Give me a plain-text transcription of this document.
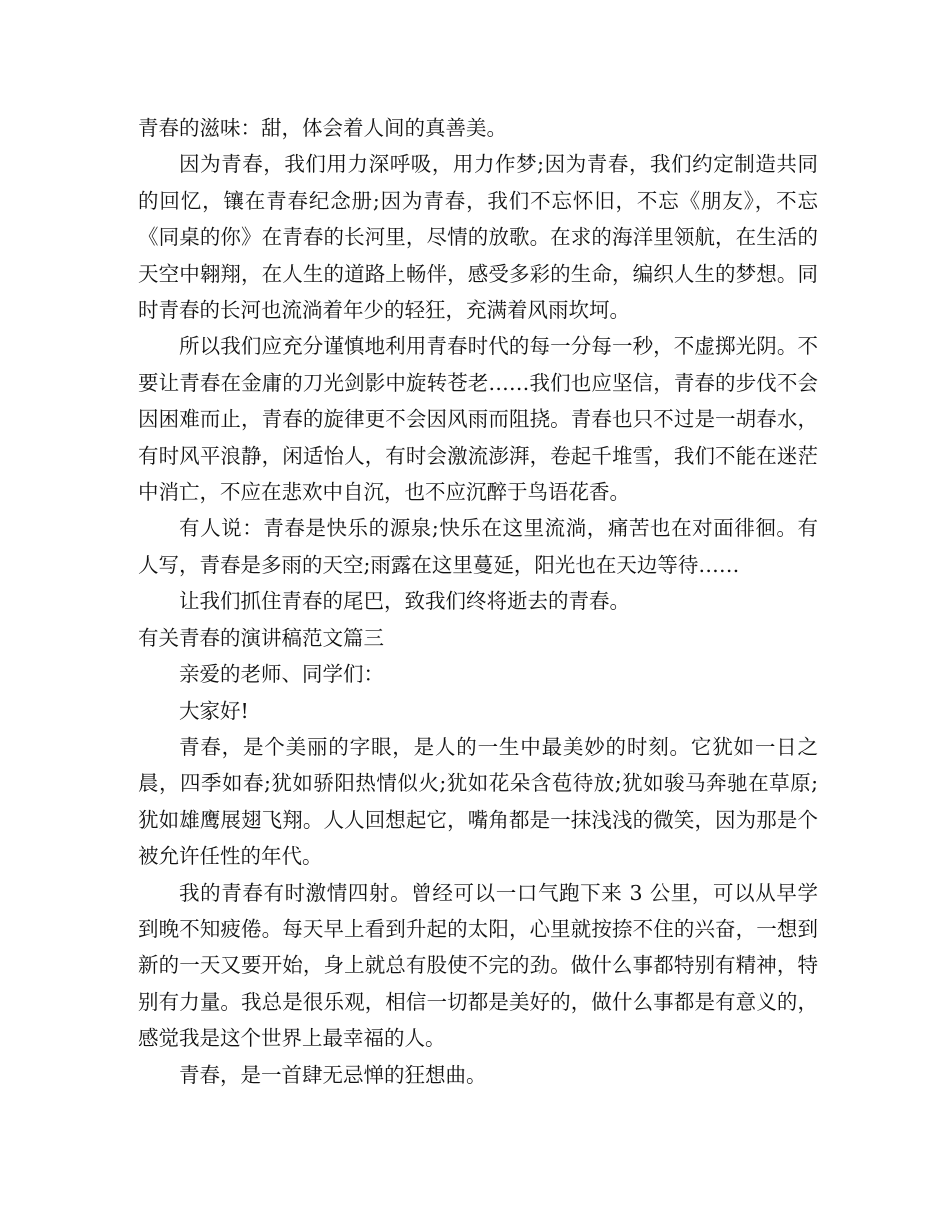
青春的滋味：甜，体会着人间的真善美。

因为青春，我们用力深呼吸，用力作梦;因为青春，我们约定制造共同的回忆，镶在青春纪念册;因为青春，我们不忘怀旧，不忘《朋友》，不忘《同桌的你》在青春的长河里，尽情的放歌。在求的海洋里领航，在生活的天空中翱翔，在人生的道路上畅伴，感受多彩的生命，编织人生的梦想。同时青春的长河也流淌着年少的轻狂，充满着风雨坎坷。

所以我们应充分谨慎地利用青春时代的每一分每一秒，不虚掷光阴。不要让青春在金庸的刀光剑影中旋转苍老……我们也应坚信，青春的步伐不会因困难而止，青春的旋律更不会因风雨而阻挠。青春也只不过是一胡春水，有时风平浪静，闲适怡人，有时会激流澎湃，卷起千堆雪，我们不能在迷茫中消亡，不应在悲欢中自沉，也不应沉醉于鸟语花香。

有人说：青春是快乐的源泉;快乐在这里流淌，痛苦也在对面徘徊。有人写，青春是多雨的天空;雨露在这里蔓延，阳光也在天边等待……

让我们抓住青春的尾巴，致我们终将逝去的青春。

有关青春的演讲稿范文篇三

亲爱的老师、同学们：

大家好!

青春，是个美丽的字眼，是人的一生中最美妙的时刻。它犹如一日之晨，四季如春;犹如骄阳热情似火;犹如花朵含苞待放;犹如骏马奔驰在草原;犹如雄鹰展翅飞翔。人人回想起它，嘴角都是一抹浅浅的微笑，因为那是个被允许任性的年代。

我的青春有时激情四射。曾经可以一口气跑下来 3 公里，可以从早学到晚不知疲倦。每天早上看到升起的太阳，心里就按捺不住的兴奋，一想到新的一天又要开始，身上就总有股使不完的劲。做什么事都特别有精神，特别有力量。我总是很乐观，相信一切都是美好的，做什么事都是有意义的，感觉我是这个世界上最幸福的人。

青春，是一首肆无忌惮的狂想曲。
